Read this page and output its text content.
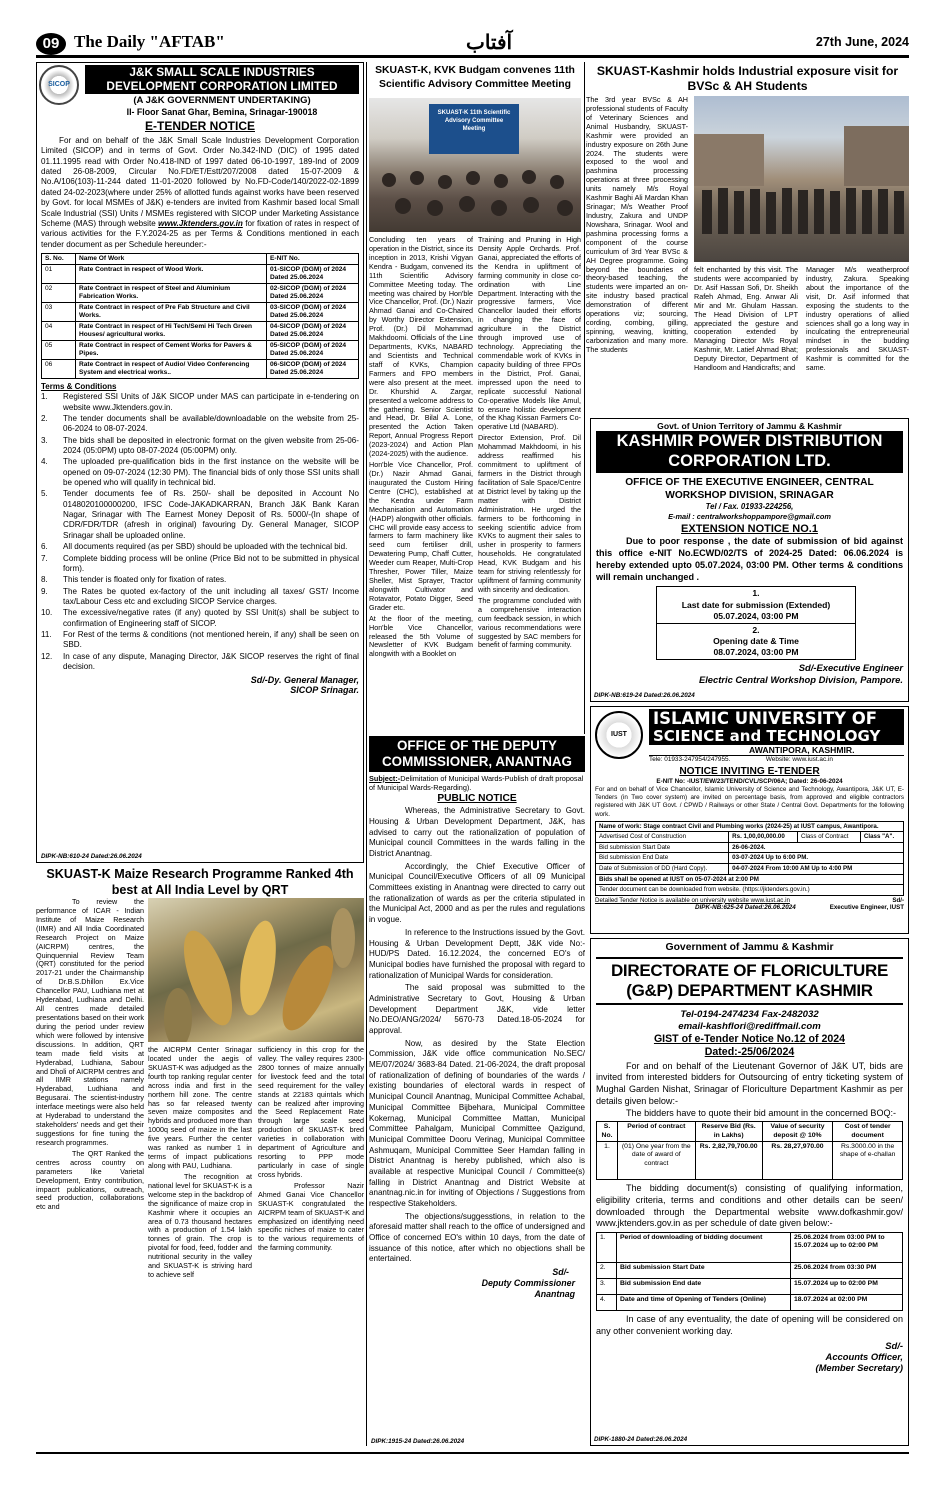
09 The Daily "AFTAB"	آفتاب	27th June, 2024
SICOP
J&K SMALL SCALE INDUSTRIES DEVELOPMENT CORPORATION LIMITED
(A J&K GOVERNMENT UNDERTAKING)
II- Floor Sanat Ghar, Bemina, Srinagar-190018
E-TENDER NOTICE
For and on behalf of the J&K Small Scale Industries Development Corporation Limited (SICOP) and in terms of Govt. Order No.342-IND (DIC) of 1995 dated 01.11.1995 read with Order No.418-IND of 1997 dated 06-10-1997, 189-Ind of 2009 dated 26-08-2009, Circular No.FD/ET/Estt/207/2008 dated 15-07-2009 & No.A/106(103)-11-244 dated 11-01-2020 followed by No.FD-Code/140/2022-02-1899 dated 24-02-2023(where under 25% of allotted funds against works have been reserved by Govt. for local MSMEs of J&K) e-tenders are invited from Kashmir based local Small Scale Industrial (SSI) Units / MSMEs registered with SICOP under Marketing Assistance Scheme (MAS) through website www.Jktenders.gov.in for fixation of rates in respect of various activities for the F.Y.2024-25 as per Terms & Conditions mentioned in each tender document as per Schedule hereunder:-
S. No.	Name Of Work	E-NIT No.
01	Rate Contract in respect of Wood Work.	01-SICOP (DGM) of 2024 Dated 25.06.2024
02	Rate Contract in respect of Steel and Aluminium Fabrication Works.	02-SICOP (DGM) of 2024 Dated 25.06.2024
03	Rate Contract in respect of Pre Fab Structure and Civil Works.	03-SICOP (DGM) of 2024 Dated 25.06.2024
04	Rate Contract in respect of Hi Tech/Semi Hi Tech Green Houses/ agricultural works.	04-SICOP (DGM) of 2024 Dated 25.06.2024
05	Rate Contract in respect of Cement Works for Pavers & Pipes.	05-SICOP (DGM) of 2024 Dated 25.06.2024
06	Rate Contract in respect of Audio/ Video Conferencing System and electrical works..	06-SICOP (DGM) of 2024 Dated 25.06.2024
Terms & Conditions
1.	Registered SSI Units of J&K SICOP under MAS can participate in e-tendering on website www.Jktenders.gov.in.
2.	The tender documents shall be available/downloadable on the website from 25-06-2024 to 08-07-2024.
3.	The bids shall be deposited in electronic format on the given website from 25-06-2024 (05:0PM) upto 08-07-2024 (05:00PM) only.
4.	The uploaded pre-qualification bids in the first instance on the website will be opened on 09-07-2024 (12:30 PM). The financial bids of only those SSI units shall be opened who will qualify in technical bid.
5.	Tender documents fee of Rs. 250/- shall be deposited in Account No 0148020100000200, IFSC Code-JAKADKARRAN, Branch J&K Bank Karan Nagar, Srinagar with The Earnest Money Deposit of Rs. 5000/-(In shape of CDR/FDR/TDR (afresh in original) favouring Dy. General Manager, SICOP Srinagar shall be uploaded online.
6.	All documents required (as per SBD) should be uploaded with the technical bid.
7.	Complete bidding process will be online (Price Bid not to be submitted in physical form).
8.	This tender is floated only for fixation of rates.
9.	The Rates be quoted ex-factory of the unit including all taxes/ GST/ Income tax/Labour Cess etc and excluding SICOP Service charges.
10.	The excessive/negative rates (if any) quoted by SSI Unit(s) shall be subject to confirmation of Engineering staff of SICOP.
11.	For Rest of the terms & conditions (not mentioned herein, if any) shall be seen on SBD.
12.	In case of any dispute, Managing Director, J&K SICOP reserves the right of final decision.
Sd/-Dy. General Manager,
SICOP Srinagar.
DIPK-NB:610-24 Dated:26.06.2024
SKUAST-K Maize Research Programme Ranked 4th best at All India Level by QRT

To review the performance of ICAR - Indian Institute of Maize Research (IIMR) and All India Coordinated Research Project on Maize (AICRPM) centres, the Quinquennial Review Team (QRT) constituted for the period 2017-21 under the Chairmanship of Dr.B.S.Dhillon Ex.Vice Chancellor PAU, Ludhiana met at Hyderabad, Ludhiana and Delhi. All centres made detailed presentations based on their work during the period under review which were followed by intensive discussions. In addition, QRT team made field visits at Hyderabad, Ludhiana, Sabour and Dholi of AICRPM centres and all IIMR stations namely Hyderabad, Ludhiana and Begusarai. The scientist-industry interface meetings were also held at Hyderabad to understand the stakeholders' needs and get their suggestions for fine tuning the research programmes.

The QRT Ranked the centres across country on parameters like Varietal Development, Entry contribution, impacrt publications, outreach, seed production, collaborations etc and

the AICRPM Center Srinagar located under the aegis of SKUAST-K was adjudged as the fourth top ranking regular center across india and first in the northern hill zone. The centre has so far released twenty seven maize composites and hybrids and produced more than 1000q seed of maize in the last five years. Further the center was ranked as number 1 in terms of impact publications along with PAU, Ludhiana.

The recognition at national level for SKUAST-K is a welcome step in the backdrop of the significance of maize crop in Kashmir where it occupies an area of 0.73 thousand hectares with a production of 1.54 lakh tonnes of grain. The crop is pivotal for food, feed, fodder and nutritional security in the valley and SKUAST-K is striving hard to achieve self

sufficiency in this crop for the valley. The valley requires 2300-2800 tonnes of maize annually for livestock feed and the total seed requirement for the valley stands at 22183 quintals which can be realized after improving the Seed Replacement Rate through large scale seed production of SKUAST-K bred varieties in collaboration with department of Agriculture and resorting to PPP mode particularly in case of single cross hybrids.

Professor Nazir Ahmed Ganai Vice Chancellor SKUAST-K congratulated the AICRPM team of SKUAST-K and emphasized on identifying need specific niches of maize to cater to the various requirements of the farming community.

SKUAST-K, KVK Budgam convenes 11th Scientific Advisory Committee Meeting
SKUAST-K 11th Scientific Advisory Committee Meeting

Concluding ten years of operation in the District, since its inception in 2013, Krishi Vigyan Kendra - Budgam, convened its 11th Scientific Advisory Committee Meeting today. The meeting was chaired by Hon'ble Vice Chancellor, Prof. (Dr.) Nazir Ahmad Ganai and Co-Chaired by Worthy Director Extension, Prof. (Dr.) Dil Mohammad Makhdoomi. Officials of the Line Departments, KVKs, NABARD and Scientists and Technical staff of KVKs, Champion Farmers and FPO members were also present at the meet. Dr. Khurshid A. Zargar, presented a welcome address to the gathering. Senior Scientist and Head, Dr. Bilal A. Lone, presented the Action Taken Report, Annual Progress Report (2023-2024) and Action Plan (2024-2025) with the audience.

Hon'ble Vice Chancellor, Prof. (Dr.) Nazir Ahmad Ganai, inaugurated the Custom Hiring Centre (CHC), established at the Kendra under Farm Mechanisation and Automation (HADP) alongwith other officials. CHC will provide easy access to farmers to farm machinery like seed cum fertiliser drill, Dewatering Pump, Chaff Cutter, Weeder cum Reaper, Multi-Crop Thresher, Power Tiller, Maize Sheller, Mist Sprayer, Tractor alongwith Cultivator and Rotavator, Potato Digger, Seed Grader etc.

At the floor of the meeting, Hon'ble Vice Chancellor, released the 5th Volume of Newsletter of KVK Budgam alongwith with a Booklet on

Training and Pruning in High Density Apple Orchards. Prof. Ganai, appreciated the efforts of the Kendra in upliftment of farming community in close co-ordination with Line Department. Interacting with the progressive farmers, Vice Chancellor lauded their efforts in changing the face of agriculture in the District through improved use of technology. Appreciating the commendable work of KVKs in capacity building of three FPOs in the District, Prof. Ganai, impressed upon the need to replicate successful National Co-operative Models like Amul, to ensure holistic development of the Khag Kissan Farmers Co-operative Ltd (NABARD).

Director Extension, Prof. Dil Mohammad Makhdoomi, in his address reaffirmed his commitment to upliftment of farmers in the District through facilitation of Sale Space/Centre at District level by taking up the matter with District Administration. He urged the farmers to be forthcoming in seeking scientific advice from KVKs to augment their sales to usher in prosperity to farmers households. He congratulated Head, KVK Budgam and his team for striving relentlessly for upliftment of farming community with sincerity and dedication.

The programme concluded with a comprehensive interaction cum feedback session, in which various recommendations were suggested by SAC members for benefit of farming community.

SKUAST-Kashmir holds Industrial exposure visit for BVSc & AH Students

The 3rd year BVSc & AH professional students of Faculty of Veterinary Sciences and Animal Husbandry, SKUAST-Kashmir were provided an industry exposure on 26th June 2024. The students were exposed to the wool and pashmina processing operations at three processing units namely M/s Royal Kashmir Baghi Ali Mardan Khan Srinagar; M/s Weather Proof Industry, Zakura and UNDP Nowshara, Srinagar. Wool and pashmina processing forms a component of the course curriculum of 3rd Year BVSc & AH Degree programme. Going beyond the boundaries of theory-based teaching, the students were imparted an on-site industry based practical demonstration of different operations viz; sourcing, cording, combing, gilling, spinning, weaving, knitting, carbonization and many more. The students

felt enchanted by this visit. The students were accompanied by Dr. Asif Hassan Sofi, Dr. Sheikh Rafeh Ahmad, Eng. Anwar Ali Mir and Mr. Ghulam Hassan. The Head Division of LPT appreciated the gesture and cooperation extended by Managing Director M/s Royal Kashmir, Mr. Latief Ahmad Bhat; Deputy Director, Department of Handloom and Handicrafts; and

Manager M/s weatherproof industry, Zakura. Speaking about the importance of the visit, Dr. Asif informed that exposing the students to the industry operations of allied sciences shall go a long way in inculcating the entrepreneurial mindset in the budding professionals and SKUAST-Kashmir is committed for the same.

Govt. of Union Territory of Jammu & Kashmir
KASHMIR POWER DISTRIBUTION CORPORATION LTD.
OFFICE OF THE EXECUTIVE ENGINEER, CENTRAL WORKSHOP DIVISION, SRINAGAR
Tel / Fax. 01933-224256,
E-mail : centralworkshoppampore@gmail.com
EXTENSION NOTICE NO.1
Due to poor response , the date of submission of bid against this office e-NIT No.ECWD/02/TS of 2024-25 Dated: 06.06.2024 is hereby extended upto 05.07.2024, 03:00 PM. Other terms & conditions will remain unchanged .
1.
Last date for submission (Extended)
05.07.2024, 03:00 PM

2.
Opening date & Time
08.07.2024, 03:00 PM
Sd/-Executive Engineer
Electric Central Workshop Division, Pampore.
DIPK-NB:619-24 Dated:26.06.2024
IUST
ISLAMIC UNIVERSITY OF
SCIENCE and TECHNOLOGY
AWANTIPORA, KASHMIR.
Tele: 01933-247954/247955.                    Website: www.iust.ac.in
NOTICE INVITING E-TENDER
E-NIT No: -IUST/EW/23/TEND/CVL/SCP/06A; Dated: 26-06-2024
For and on behalf of Vice Chancellor, Islamic University of Science and Technology, Awantipora, J&K UT, E-Tenders (in Two cover system) are invited on percentage basis, from approved and eligible contractors registered with J&K UT Govt. / CPWD / Railways or other State / Central Govt. Departments for the following work.
Name of work: Stage contract Civil and Plumbing works (2024-25) at IUST campus, Awantipora.			
Advertised Cost of Construction	Rs. 1,00,00,000.00	Class of Contract	Class "A".
Bid submission Start Date	26-06-2024.		
Bid submission End Date	03-07-2024 Up to 6:00 PM.		
Date of Submission of DD (Hard Copy).	04-07-2024 From 10:00 AM Up to 4:00 PM		
Bids shall be opened at IUST on 05-07-2024 at 2:00 PM			
Tender document can be downloaded from website. (https://jktenders.gov.in.)			
Detailed Tender Notice is available on university website www.iust.ac.in	Sd/-
DIPK-NB:625-24 Dated:26.06.2024	Executive Engineer, IUST
OFFICE OF THE DEPUTY COMMISSIONER, ANANTNAG
Subject:-Delimitation of Municipal Wards-Publish of draft proposal of Municipal Wards-Regarding).
PUBLIC NOTICE

Whereas, the Administrative Secretary to Govt. Housing & Urban Development Department, J&K, has advised to carry out the rationalization of population of Municipal council Committees in the wards falling in the District Anantnag.

Accordingly, the Chief Executive Officer of Municipal Council/Executive Officers of all 09 Municipal Committees existing in Anantnag were directed to carry out the rationalization of wards as per the criteria stipulated in the Municipal Act, 2000 and as per the rules and regulations in vogue.

In reference to the Instructions issued by the Govt. Housing & Urban Development Deptt, J&K vide No:-HUD/PS Dated. 16.12.2024, the concerned EO's of Municipal bodies have furnished the proposal with regard to rationalization of Municipal Wards for consideration.

The said proposal was submitted to the Administrative Secretary to Govt, Housing & Urban Development Department J&K, vide letter No.DEO/ANG/2024/ 5670-73 Dated.18-05-2024 for approval.

Now, as desired by the State Election Commission, J&K vide office communication No.SEC/ ME/07/2024/ 3683-84 Dated. 21-06-2024, the draft proposal of rationalization of defining of boundaries of the wards / existing boundaries of electoral wards in respect of Municipal Council Anantnag, Municipal Committee Achabal, Municipal Committee Bijbehara, Municipal Committee Kokernag, Municipal Committee Mattan, Municipal Committee Pahalgam, Municipal Committee Qazigund, Municipal Committee Dooru Verinag, Municipal Committee Ashmuqam, Municipal Committee Seer Hamdan falling in District Anantnag is hereby published, which also is available at respective Municipal Council / Committee(s) falling in District Anantnag and District Website at anantnag.nic.in for inviting of Objections / Suggestions from respective Stakeholders.

The objections/suggesstions, in relation to the aforesaid matter shall reach to the office of undersigned and Office of concerned EO's within 10 days, from the date of issuance of this notice, after which no objections shall be entertained.

Sd/-
Deputy Commissioner
Anantnag
DIPK:1915-24 Dated:26.06.2024
Government of Jammu & Kashmir
DIRECTORATE OF FLORICULTURE (G&P) DEPARTMENT KASHMIR
Tel-0194-2474234 Fax-2482032
email-kashflori@rediffmail.com
GIST of e-Tender Notice No.12 of 2024
Dated:-25/06/2024
For and on behalf of the Lieutenant Governor of J&K UT, bids are invited from interested bidders for Outsourcing of entry ticketing system of Mughal Garden Nishat, Srinagar of Floriculture Department Kashmir as per details given below:-
The bidders have to quote their bid amount in the concerned BOQ:-
S. No.	Period of contract	Reserve Bid (Rs. in Lakhs)	Value of security deposit @ 10%	Cost of tender document
1.	(01) One year from the date of award of contract	Rs. 2,82,79,700.00	Rs. 28,27,970.00	Rs.3000.00 in the shape of e-challan
The bidding document(s) consisting of qualifying information, eligibility criteria, terms and conditions and other details can be seen/ downloaded through the Departmental website www.dofkashmir.gov/ www.jktenders.gov.in as per schedule of date given below:-
1.	Period of downloading of bidding document	25.06.2024 from 03:00 PM to 15.07.2024 up to 02:00 PM
2.	Bid submission Start Date	25.06.2024 from 03:30 PM
3.	Bid submission End date	15.07.2024 up to 02:00 PM
4.	Date and time of Opening of Tenders (Online)	18.07.2024 at 02:00 PM
In case of any eventuality, the date of opening will be considered on any other convenient working day.
Sd/-
Accounts Officer,
(Member Secretary)
DIPK-1880-24 Dated:26.06.2024
